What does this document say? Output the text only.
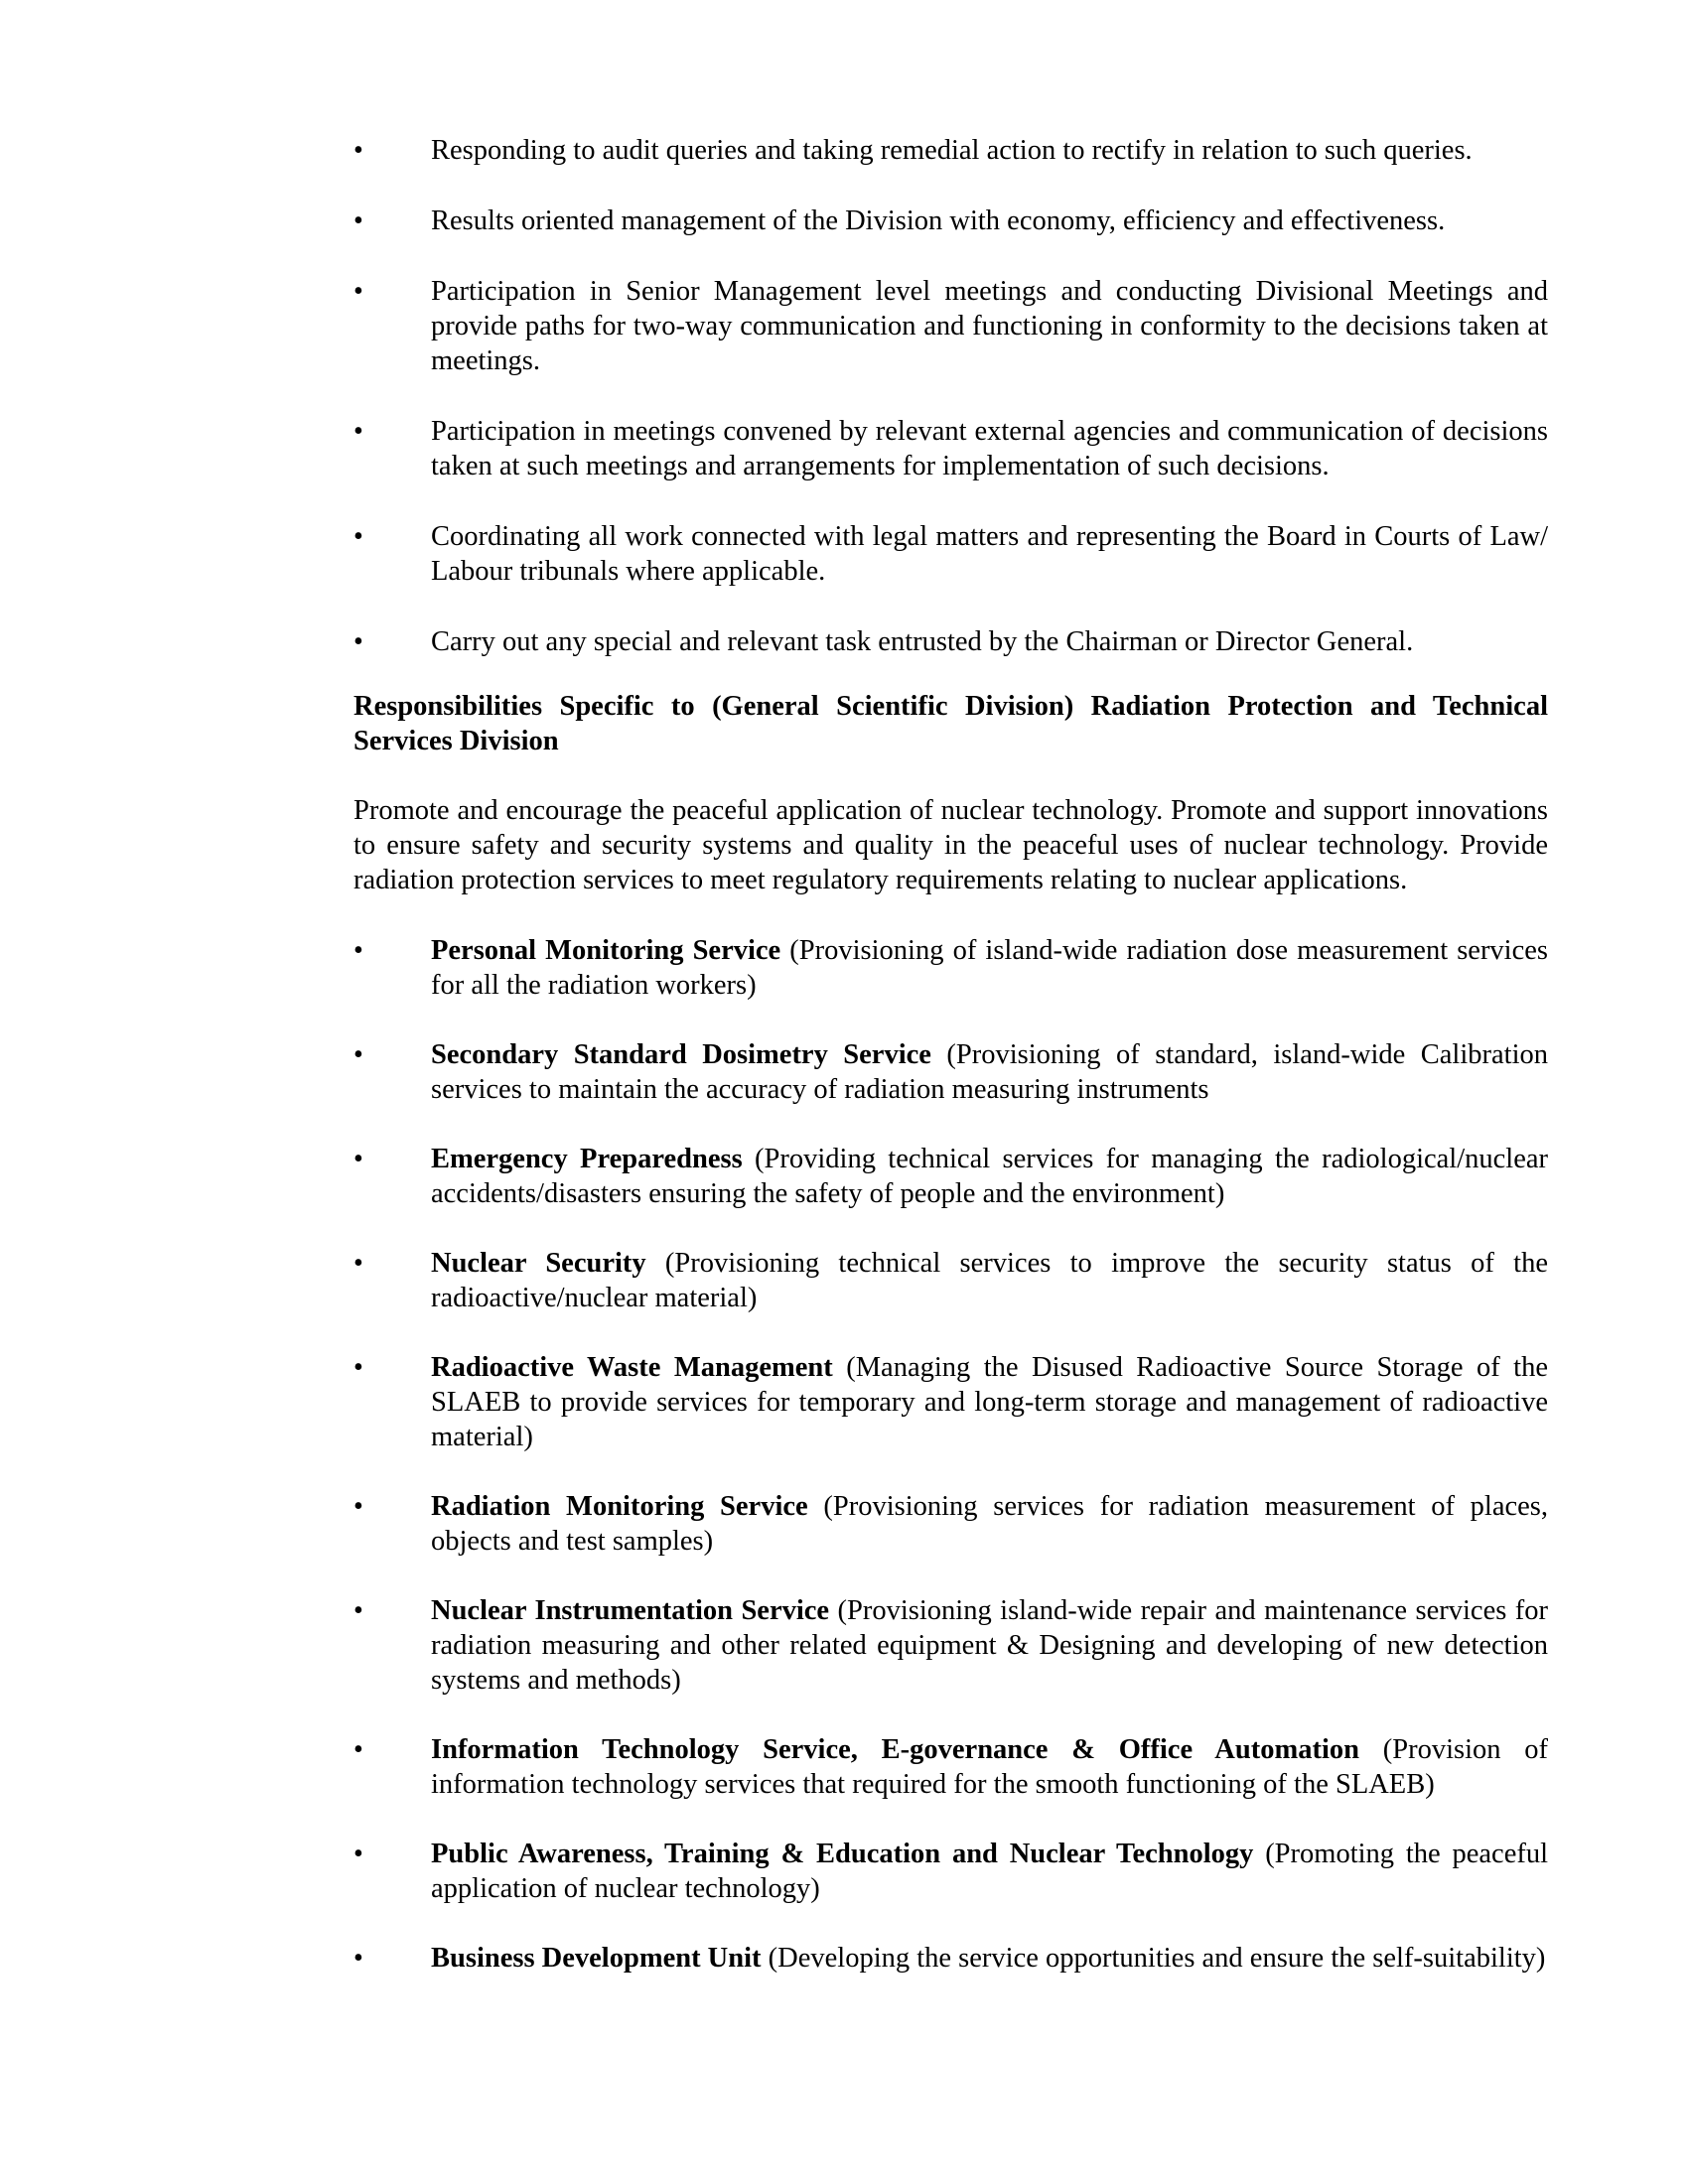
•	Responding to audit queries and taking remedial action to rectify in relation to such queries.
•	Results oriented management of the Division with economy, efficiency and effectiveness.
•	Participation in Senior Management level meetings and conducting Divisional Meetings and provide paths for two-way communication and functioning in conformity to the decisions taken at meetings.
•	Participation in meetings convened by relevant external agencies and communication of decisions taken at such meetings and arrangements for implementation of such decisions.
•	Coordinating all work connected with legal matters and representing the Board in Courts of Law/ Labour tribunals where applicable.
•	Carry out any special and relevant task entrusted by the Chairman or Director General.

Responsibilities Specific to (General Scientific Division) Radiation Protection and Technical Services Division

Promote and encourage the peaceful application of nuclear technology. Promote and support innovations to ensure safety and security systems and quality in the peaceful uses of nuclear technology. Provide radiation protection services to meet regulatory requirements relating to nuclear applications.

•	Personal Monitoring Service (Provisioning of island-wide radiation dose measurement services for all the radiation workers)
•	Secondary Standard Dosimetry Service (Provisioning of standard, island-wide Calibration services to maintain the accuracy of radiation measuring instruments
•	Emergency Preparedness (Providing technical services for managing the radiological/nuclear accidents/disasters ensuring the safety of people and the environment)
•	Nuclear Security (Provisioning technical services to improve the security status of the radioactive/nuclear material)
•	Radioactive Waste Management (Managing the Disused Radioactive Source Storage of the SLAEB to provide services for temporary and long-term storage and management of radioactive material)
•	Radiation Monitoring Service (Provisioning services for radiation measurement of places, objects and test samples)
•	Nuclear Instrumentation Service (Provisioning island-wide repair and maintenance services for radiation measuring and other related equipment & Designing and developing of new detection systems and methods)
•	Information Technology Service, E-governance & Office Automation (Provision of information technology services that required for the smooth functioning of the SLAEB)
•	Public Awareness, Training & Education and Nuclear Technology (Promoting the peaceful application of nuclear technology)
•	Business Development Unit (Developing the service opportunities and ensure the self-suitability)
